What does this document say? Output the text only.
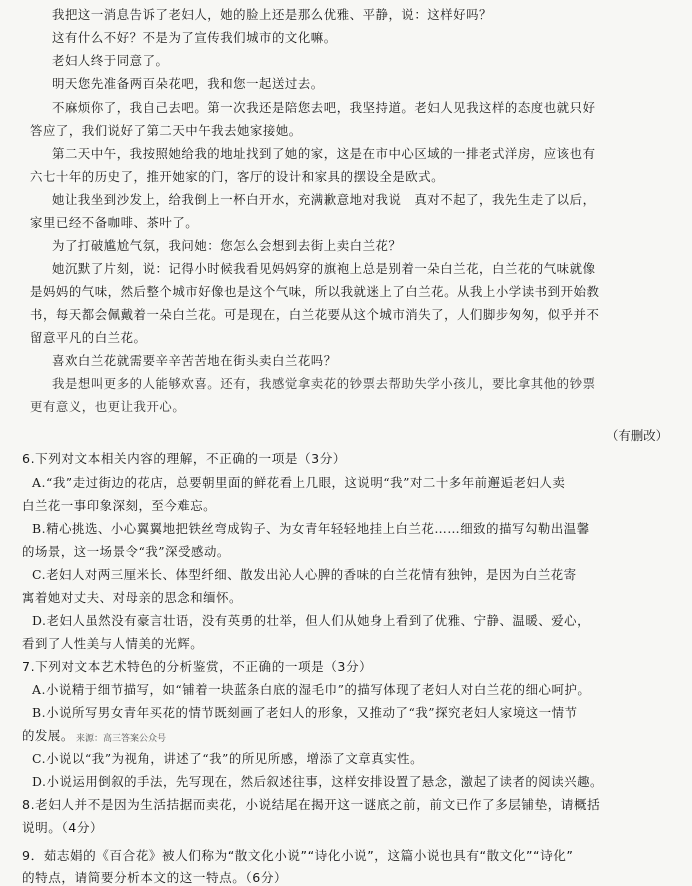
我把这一消息告诉了老妇人，她的脸上还是那么优雅、平静，说：这样好吗？
这有什么不好？不是为了宣传我们城市的文化嘛。
老妇人终于同意了。
明天您先准备两百朵花吧，我和您一起送过去。
不麻烦你了，我自己去吧。第一次我还是陪您去吧，我坚持道。老妇人见我这样的态度也就只好
答应了，我们说好了第二天中午我去她家接她。
第二天中午，我按照她给我的地址找到了她的家，这是在市中心区域的一排老式洋房，应该也有
六七十年的历史了，推开她家的门，客厅的设计和家具的摆设全是欧式。
她让我坐到沙发上，给我倒上一杯白开水，充满歉意地对我说　真对不起了，我先生走了以后，
家里已经不备咖啡、茶叶了。
为了打破尴尬气氛，我问她：您怎么会想到去街上卖白兰花？
她沉默了片刻，说：记得小时候我看见妈妈穿的旗袍上总是别着一朵白兰花，白兰花的气味就像
是妈妈的气味，然后整个城市好像也是这个气味，所以我就迷上了白兰花。从我上小学读书到开始教
书，每天都会佩戴着一朵白兰花。可是现在，白兰花要从这个城市消失了，人们脚步匆匆，似乎并不
留意平凡的白兰花。
喜欢白兰花就需要辛辛苦苦地在街头卖白兰花吗？
我是想叫更多的人能够欢喜。还有，我感觉拿卖花的钞票去帮助失学小孩儿，要比拿其他的钞票
更有意义，也更让我开心。
（有删改）
6.下列对文本相关内容的理解，不正确的一项是（3分）
A.“我”走过街边的花店，总要朝里面的鲜花看上几眼，这说明“我”对二十多年前邂逅老妇人卖
白兰花一事印象深刻，至今难忘。
B.精心挑选、小心翼翼地把铁丝弯成钩子、为女青年轻轻地挂上白兰花……细致的描写勾勒出温馨
的场景，这一场景令“我”深受感动。
C.老妇人对两三厘米长、体型纤细、散发出沁人心脾的香味的白兰花情有独钟，是因为白兰花寄
寓着她对丈夫、对母亲的思念和缅怀。
D.老妇人虽然没有豪言壮语，没有英勇的壮举，但人们从她身上看到了优雅、宁静、温暖、爱心，
看到了人性美与人情美的光辉。
7.下列对文本艺术特色的分析鉴赏，不正确的一项是（3分）
A.小说精于细节描写，如“铺着一块蓝条白底的湿毛巾”的描写体现了老妇人对白兰花的细心呵护。
B.小说所写男女青年买花的情节既刻画了老妇人的形象，又推动了“我”探究老妇人家境这一情节
的发展。 来源：高三答案公众号
C.小说以“我”为视角，讲述了“我”的所见所感，增添了文章真实性。
D.小说运用倒叙的手法，先写现在，然后叙述往事，这样安排设置了悬念，激起了读者的阅读兴趣。
8.老妇人并不是因为生活拮据而卖花，小说结尾在揭开这一谜底之前，前文已作了多层铺垫，请概括
说明。（4分）
9．茹志娟的《百合花》被人们称为“散文化小说”“诗化小说”，这篇小说也具有“散文化”“诗化”
的特点，请简要分析本文的这一特点。（6分）
